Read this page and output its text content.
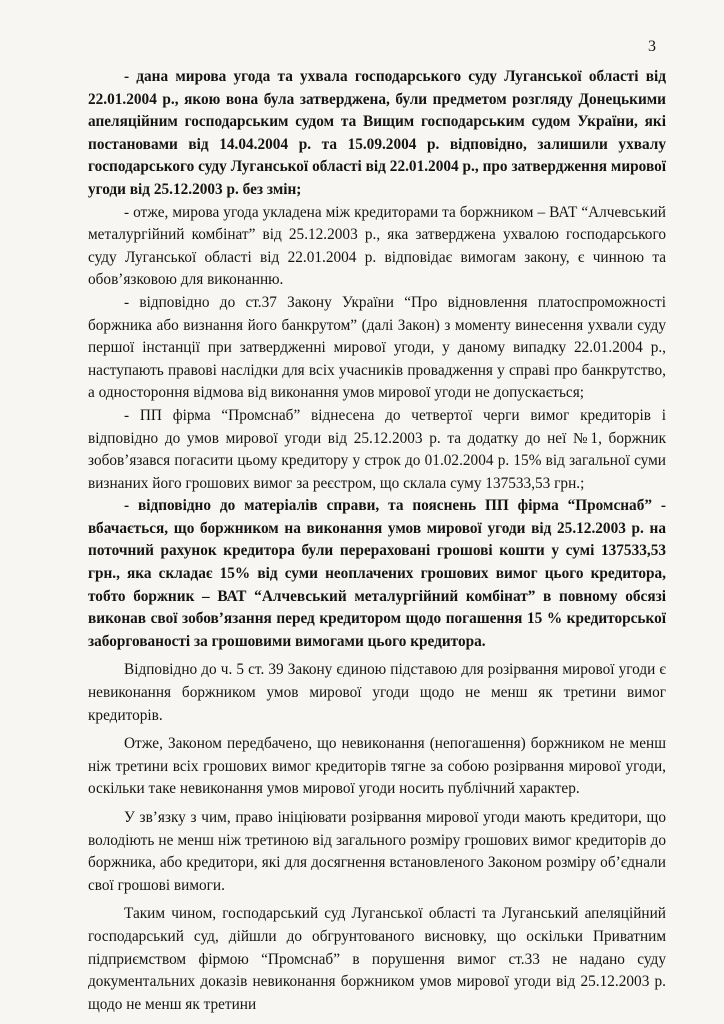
3

- дана мирова угода та ухвала господарського суду Луганської області від 22.01.2004 р., якою вона була затверджена, були предметом розгляду Донецькими апеляційним господарським судом та Вищим господарським судом України, які постановами від 14.04.2004 р. та 15.09.2004 р. відповідно, залишили ухвалу господарського суду Луганської області від 22.01.2004 р., про затвердження мирової угоди від 25.12.2003 р. без змін;

- отже, мирова угода укладена між кредиторами та боржником – ВАТ “Алчевський металургійний комбінат” від 25.12.2003 р., яка затверджена ухвалою господарського суду Луганської області від 22.01.2004 р. відповідає вимогам закону, є чинною та обов’язковою для виконанню.

- відповідно до ст.37 Закону України “Про відновлення платоспроможності боржника або визнання його банкрутом” (далі Закон) з моменту винесення ухвали суду першої інстанції при затвердженні мирової угоди, у даному випадку 22.01.2004 р., наступають правові наслідки для всіх учасників провадження у справі про банкрутство, а одностороння відмова від виконання умов мирової угоди не допускається;

- ПП фірма “Промснаб” віднесена до четвертої черги вимог кредиторів і відповідно до умов мирової угоди від 25.12.2003 р. та додатку до неї №1, боржник зобов’язався погасити цьому кредитору у строк до 01.02.2004 р. 15% від загальної суми визнаних його грошових вимог за реєстром, що склала суму 137533,53 грн.;

- відповідно до матеріалів справи, та пояснень ПП фірма “Промснаб” - вбачається, що боржником на виконання умов мирової угоди від 25.12.2003 р. на поточний рахунок кредитора були перераховані грошові кошти у сумі 137533,53 грн., яка складає 15% від суми неоплачених грошових вимог цього кредитора, тобто боржник – ВАТ “Алчевський металургійний комбінат” в повному обсязі виконав свої зобов’язання перед кредитором щодо погашення 15 % кредиторської заборгованості за грошовими вимогами цього кредитора.

Відповідно до ч. 5 ст. 39 Закону єдиною підставою для розірвання мирової угоди є невиконання боржником умов мирової угоди щодо не менш як третини вимог кредиторів.

Отже, Законом передбачено, що невиконання (непогашення) боржником не менш ніж третини всіх грошових вимог кредиторів тягне за собою розірвання мирової угоди, оскільки таке невиконання умов мирової угоди носить публічний характер.

У зв’язку з чим, право ініціювати розірвання мирової угоди мають кредитори, що володіють не менш ніж третиною від загального розміру грошових вимог кредиторів до боржника, або кредитори, які для досягнення встановленого Законом розміру об’єднали свої грошові вимоги.

Таким чином, господарський суд Луганської області та Луганський апеляційний господарський суд, дійшли до обгрунтованого висновку, що оскільки Приватним підприємством фірмою “Промснаб” в порушення вимог ст.33 не надано суду документальних доказів невиконання боржником умов мирової угоди від 25.12.2003 р. щодо не менш як третини
